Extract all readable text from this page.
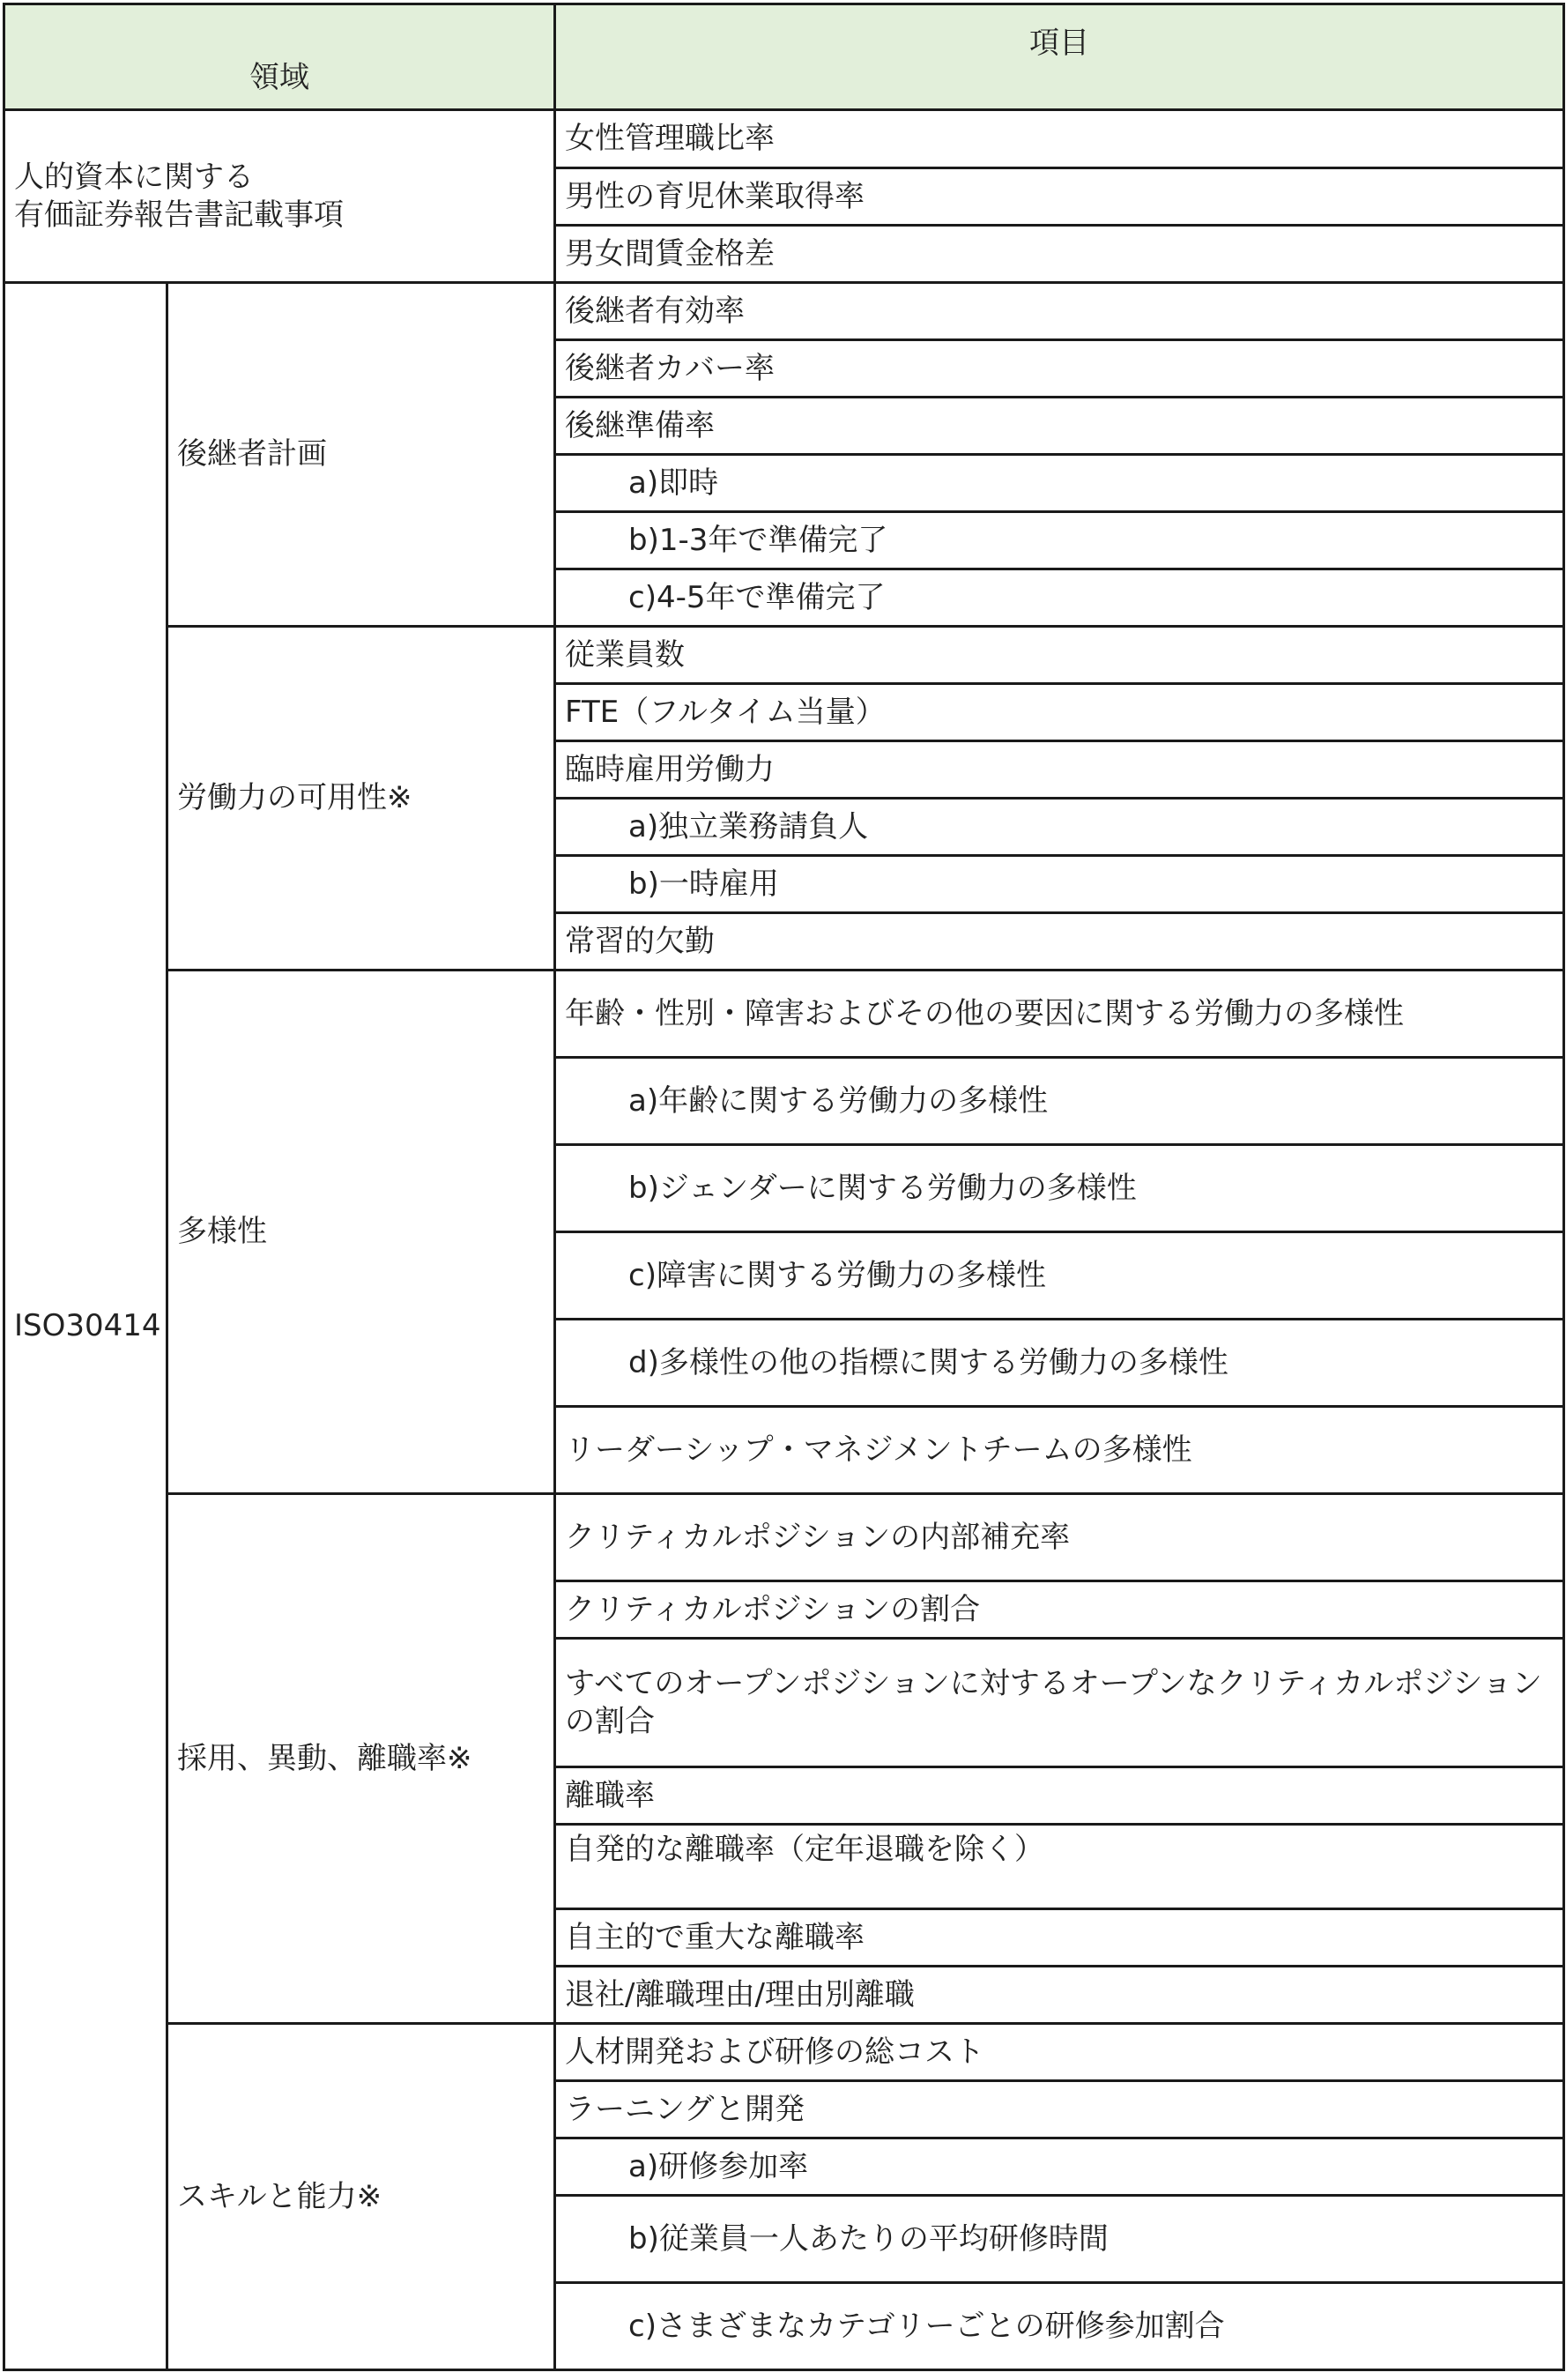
領域		項目
人的資本に関する
有価証券報告書記載事項		女性管理職比率
		男性の育児休業取得率
		男女間賃金格差
ISO30414	後継者計画	後継者有効率
		後継者カバー率
		後継準備率
		a)即時
		b)1-3年で準備完了
		c)4-5年で準備完了
	労働力の可用性※	従業員数
		FTE（フルタイム当量）
		臨時雇用労働力
		a)独立業務請負人
		b)一時雇用
		常習的欠勤
	多様性	年齢・性別・障害およびその他の要因に関する労働力の多様性
		a)年齢に関する労働力の多様性
		b)ジェンダーに関する労働力の多様性
		c)障害に関する労働力の多様性
		d)多様性の他の指標に関する労働力の多様性
		リーダーシップ・マネジメントチームの多様性
	採用、異動、離職率※	クリティカルポジションの内部補充率
		クリティカルポジションの割合
		すべてのオープンポジションに対するオープンなクリティカルポジションの割合
		離職率
		自発的な離職率（定年退職を除く）
		自主的で重大な離職率
		退社/離職理由/理由別離職
	スキルと能力※	人材開発および研修の総コスト
		ラーニングと開発
		a)研修参加率
		b)従業員一人あたりの平均研修時間
		c)さまざまなカテゴリーごとの研修参加割合
